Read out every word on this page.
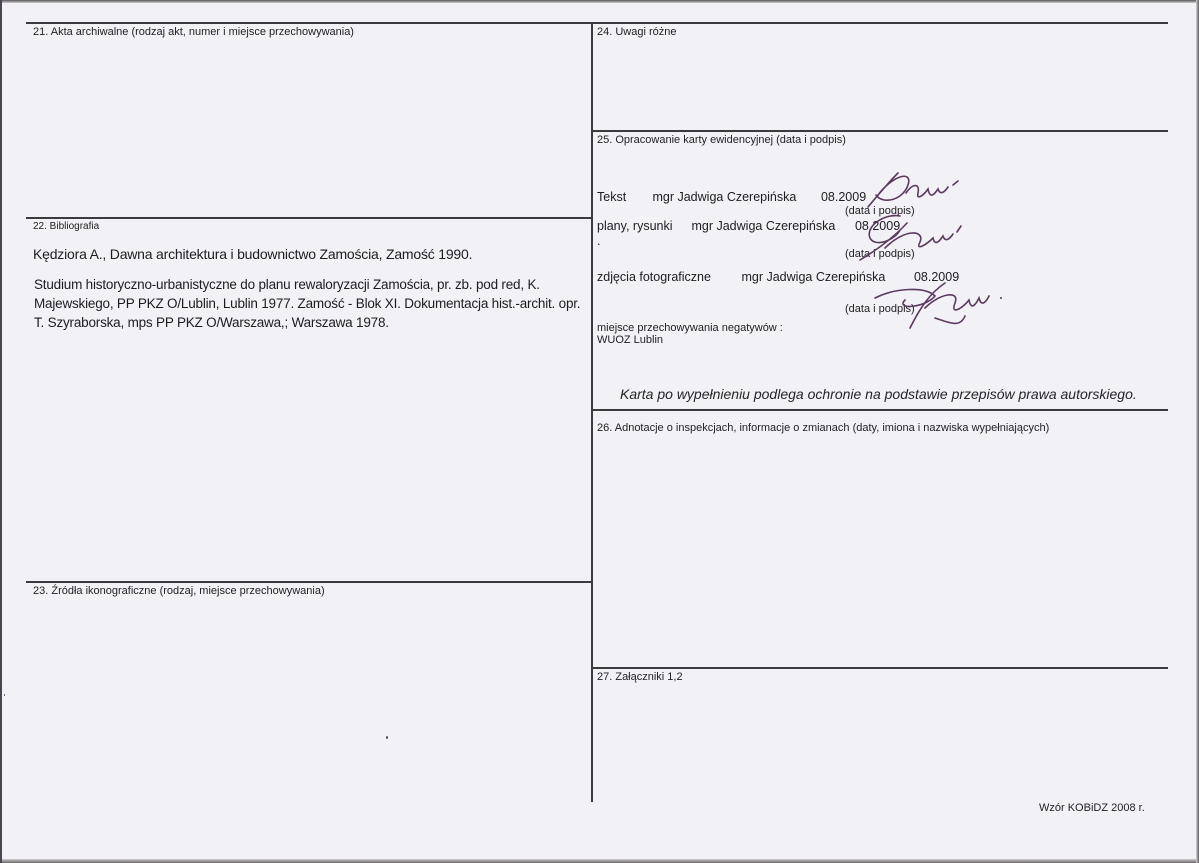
21. Akta archiwalne (rodzaj akt, numer i miejsce przechowywania)
22. Bibliografia
Kędziora A., Dawna architektura i budownictwo Zamościa, Zamość 1990.
Studium historyczno-urbanistyczne do planu rewaloryzacji Zamościa, pr. zb. pod red, K. Majewskiego, PP PKZ O/Lublin, Lublin 1977. Zamość - Blok XI. Dokumentacja hist.-archit. opr. T. Szyraborska, mps PP PKZ O/Warszawa,; Warszawa 1978.
23. Źródła ikonograficzne (rodzaj, miejsce przechowywania)
24. Uwagi różne
25. Opracowanie karty ewidencyjnej (data i podpis)
Tekst mgr Jadwiga Czerepińska 08.2009
(data i podpis)
plany, rysunki mgr Jadwiga Czerepińska 08.2009
.
(data i podpis)
zdjęcia fotograficzne mgr Jadwiga Czerepińska 08.2009
(data i podpis)
miejsce przechowywania negatywów :
WUOZ Lublin
Karta po wypełnieniu podlega ochronie na podstawie przepisów prawa autorskiego.
26. Adnotacje o inspekcjach, informacje o zmianach (daty, imiona i nazwiska wypełniających)
27. Załączniki 1,2
Wzór KOBiDZ 2008 r.
